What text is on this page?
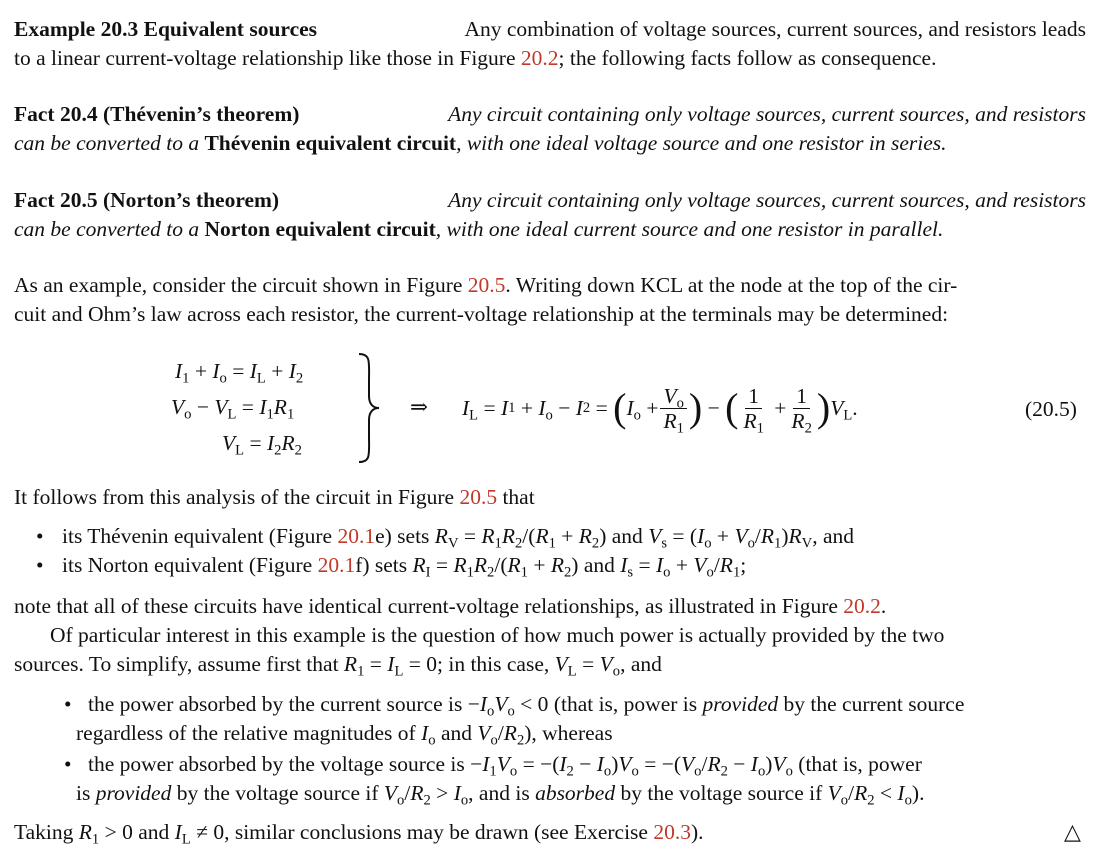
Example 20.3 Equivalent sources	Any combination of voltage sources, current sources, and resistors leads
to a linear current-voltage relationship like those in Figure 20.2; the following facts follow as consequence.
Fact 20.4 (Thévenin’s theorem)	Any circuit containing only voltage sources, current sources, and resistors
can be converted to a Thévenin equivalent circuit, with one ideal voltage source and one resistor in series.
Fact 20.5 (Norton’s theorem)	Any circuit containing only voltage sources, current sources, and resistors
can be converted to a Norton equivalent circuit, with one ideal current source and one resistor in parallel.
As an example, consider the circuit shown in Figure 20.5. Writing down KCL at the node at the top of the cir-
cuit and Ohm’s law across each resistor, the current-voltage relationship at the terminals may be determined:
$I_1 + I_o = I_L + I_2$
$V_o - V_L = I_1R_1$
$V_L = I_2R_2$
⇒ $I_L = I$ $1 + I_o - I$ 2 = ( $I_o + \frac{V_o}{R_1}$ ) − ( $\frac{1}{R_1} + \frac{1}{R_2}$ ) $V_L$ .	(20.5)
It follows from this analysis of the circuit in Figure 20.5 that
• its Thévenin equivalent (Figure 20.1e) sets $R_V = R_1R_2/(R_1 + R_2)$ and $V_s = (I_o + V_o/R_1)R_V$, and
• its Norton equivalent (Figure 20.1f) sets $R_I = R_1R_2/(R_1 + R_2)$ and $I_s = I_o + V_o/R_1$;
note that all of these circuits have identical current-voltage relationships, as illustrated in Figure 20.2.
Of particular interest in this example is the question of how much power is actually provided by the two
sources. To simplify, assume first that $R_1 = I_L = 0$; in this case, $V_L = V_o$, and
• the power absorbed by the current source is $-I_oV_o < 0$ (that is, power is provided by the current source
regardless of the relative magnitudes of $I_o$ and $V_o/R_2$), whereas
• the power absorbed by the voltage source is $-I_1V_o = -(I_2 - I_o)V_o = -(V_o/R_2 - I_o)V_o$ (that is, power
is provided by the voltage source if $V_o/R_2 > I_o$, and is absorbed by the voltage source if $V_o/R_2 < I_o$).
Taking $R_1 > 0$ and $I_L \ne 0$, similar conclusions may be drawn (see Exercise 20.3).	△
